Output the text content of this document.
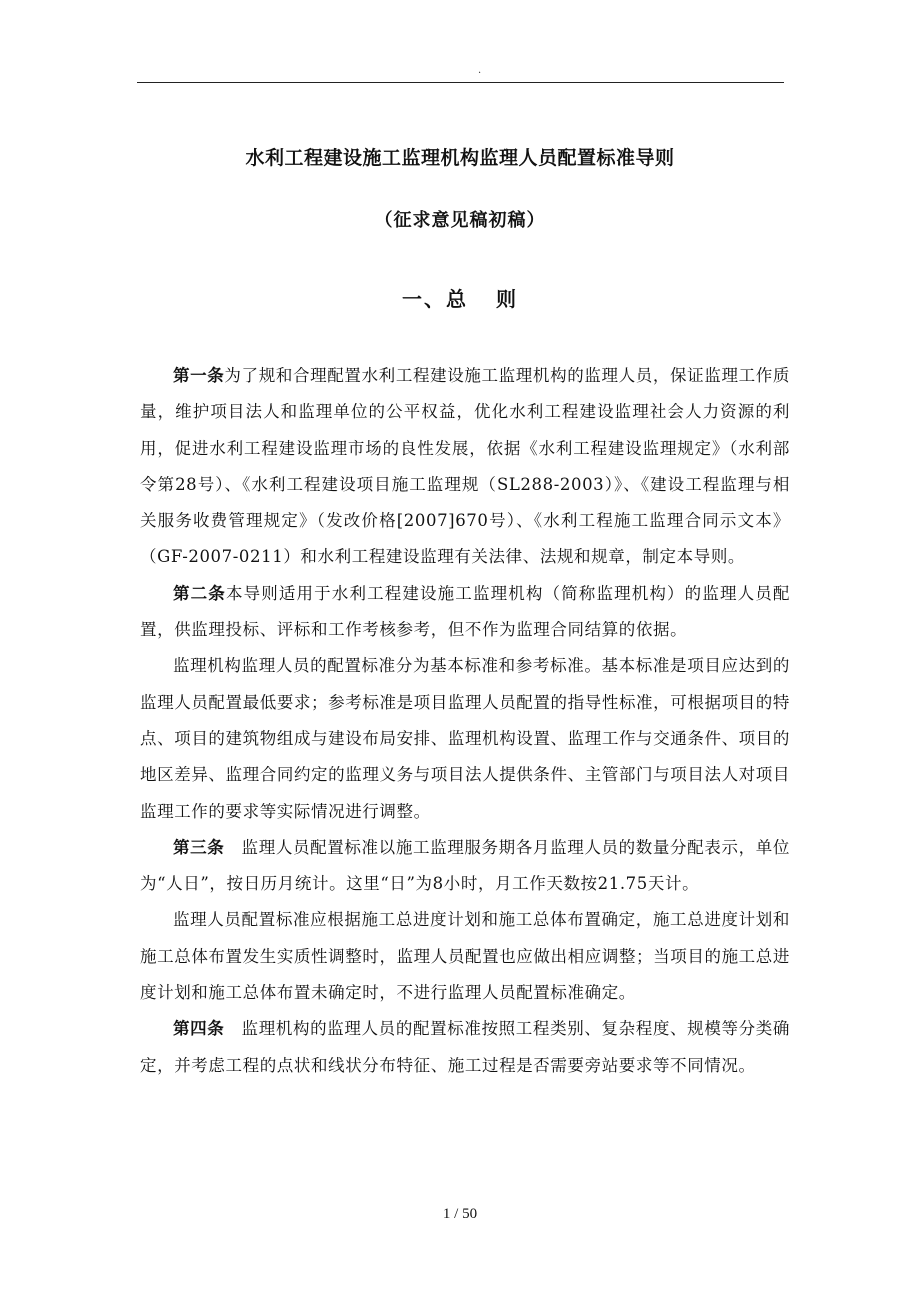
.
水利工程建设施工监理机构监理人员配置标准导则
（征求意见稿初稿）
一、总 则

第一条为了规和合理配置水利工程建设施工监理机构的监理人员，保证监理工作质量，维护项目法人和监理单位的公平权益，优化水利工程建设监理社会人力资源的利用，促进水利工程建设监理市场的良性发展，依据《水利工程建设监理规定》（水利部令第28号）、《水利工程建设项目施工监理规（SL288-2003）》、《建设工程监理与相关服务收费管理规定》（发改价格[2007]670号）、《水利工程施工监理合同示文本》（GF-2007-0211）和水利工程建设监理有关法律、法规和规章，制定本导则。

第二条本导则适用于水利工程建设施工监理机构（简称监理机构）的监理人员配置，供监理投标、评标和工作考核参考，但不作为监理合同结算的依据。

监理机构监理人员的配置标准分为基本标准和参考标准。基本标准是项目应达到的监理人员配置最低要求；参考标准是项目监理人员配置的指导性标准，可根据项目的特点、项目的建筑物组成与建设布局安排、监理机构设置、监理工作与交通条件、项目的地区差异、监理合同约定的监理义务与项目法人提供条件、主管部门与项目法人对项目监理工作的要求等实际情况进行调整。

第三条　监理人员配置标准以施工监理服务期各月监理人员的数量分配表示，单位为“人日”，按日历月统计。这里“日”为8小时，月工作天数按21.75天计。

监理人员配置标准应根据施工总进度计划和施工总体布置确定，施工总进度计划和施工总体布置发生实质性调整时，监理人员配置也应做出相应调整；当项目的施工总进度计划和施工总体布置未确定时，不进行监理人员配置标准确定。

第四条　监理机构的监理人员的配置标准按照工程类别、复杂程度、规模等分类确定，并考虑工程的点状和线状分布特征、施工过程是否需要旁站要求等不同情况。

1 / 50
